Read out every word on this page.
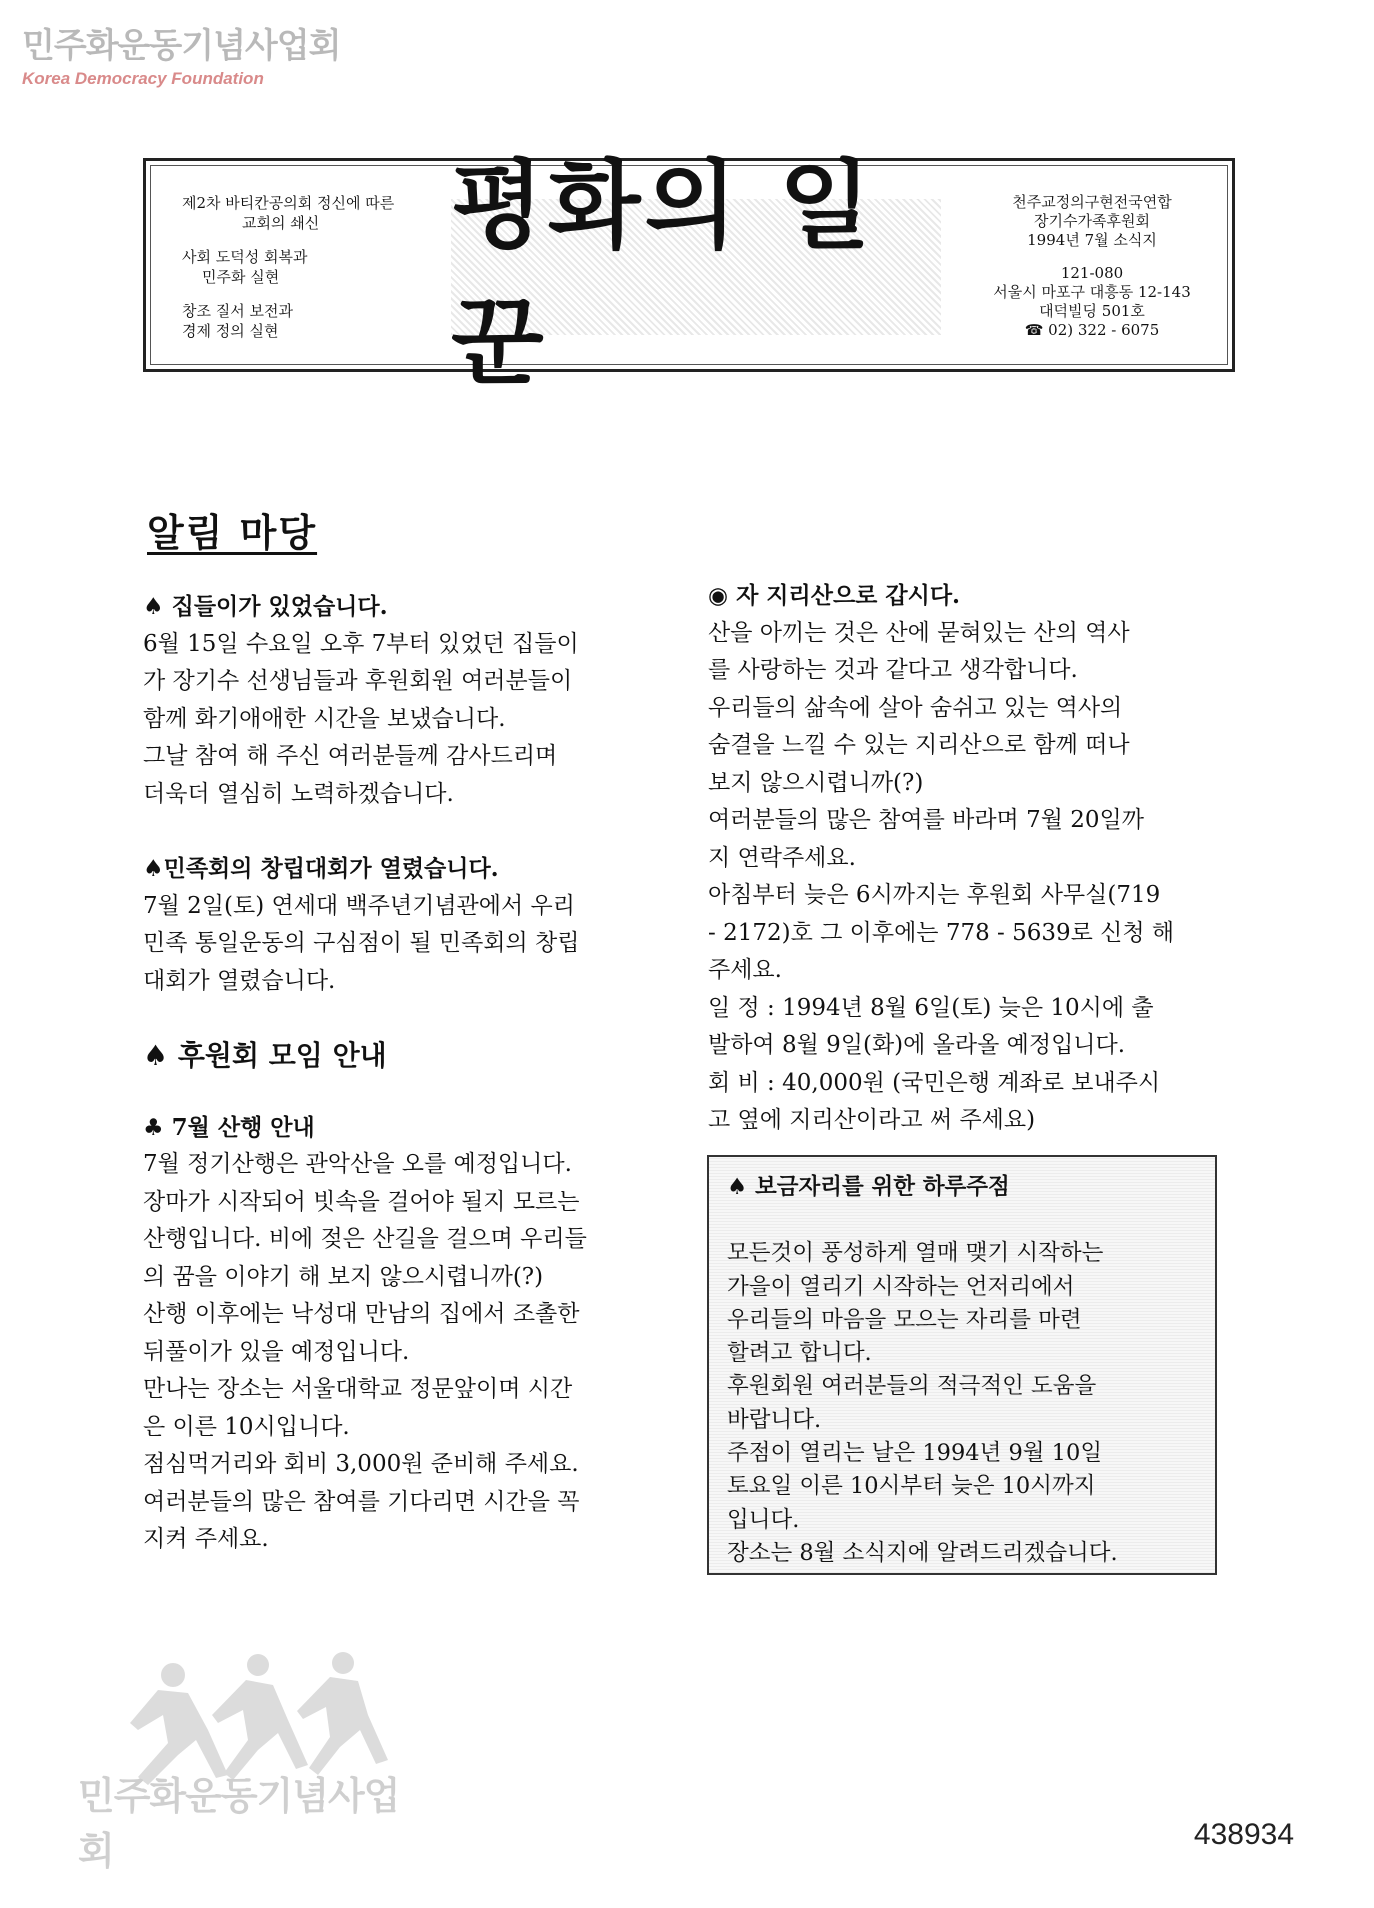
민주화운동기념사업회
Korea Democracy Foundation
제2차 바티칸공의회 정신에 따른
교회의 쇄신
사회 도덕성 회복과
민주화 실현
창조 질서 보전과
경제 정의 실현
평화의 일꾼
천주교정의구현전국연합
장기수가족후원회
1994년 7월 소식지
121-080
서울시 마포구 대흥동 12-143
대덕빌딩 501호
☎ 02) 322 - 6075
알림 마당

♠ 집들이가 있었습니다.

6월 15일 수요일 오후 7부터 있었던 집들이

가 장기수 선생님들과 후원회원 여러분들이

함께 화기애애한 시간을 보냈습니다.

그날 참여 해 주신 여러분들께 감사드리며

더욱더 열심히 노력하겠습니다.

♠민족회의 창립대회가 열렸습니다.

7월 2일(토) 연세대 백주년기념관에서 우리

민족 통일운동의 구심점이 될 민족회의 창립

대회가 열렸습니다.

♠ 후원회 모임 안내

♣ 7월 산행 안내

7월 정기산행은 관악산을 오를 예정입니다.

장마가 시작되어 빗속을 걸어야 될지 모르는

산행입니다. 비에 젖은 산길을 걸으며 우리들

의 꿈을 이야기 해 보지 않으시렵니까(?)

산행 이후에는 낙성대 만남의 집에서 조촐한

뒤풀이가 있을 예정입니다.

만나는 장소는 서울대학교 정문앞이며 시간

은 이른 10시입니다.

점심먹거리와 회비 3,000원 준비해 주세요.

여러분들의 많은 참여를 기다리면 시간을 꼭

지켜 주세요.

◉ 자 지리산으로 갑시다.

산을 아끼는 것은 산에 묻혀있는 산의 역사

를 사랑하는 것과 같다고 생각합니다.

우리들의 삶속에 살아 숨쉬고 있는 역사의

숨결을 느낄 수 있는 지리산으로 함께 떠나

보지 않으시렵니까(?)

여러분들의 많은 참여를 바라며 7월 20일까

지 연락주세요.

아침부터 늦은 6시까지는 후원회 사무실(719

- 2172)호 그 이후에는 778 - 5639로 신청 해

주세요.

일 정 : 1994년 8월 6일(토) 늦은 10시에 출

발하여 8월 9일(화)에 올라올 예정입니다.

회 비 : 40,000원 (국민은행 계좌로 보내주시

고 옆에 지리산이라고 써 주세요)

♠ 보금자리를 위한 하루주점

모든것이 풍성하게 열매 맺기 시작하는

가을이 열리기 시작하는 언저리에서

우리들의 마음을 모으는 자리를 마련

할려고 합니다.

후원회원 여러분들의 적극적인 도움을

바랍니다.

주점이 열리는 날은 1994년 9월 10일

토요일 이른 10시부터 늦은 10시까지

입니다.

장소는 8월 소식지에 알려드리겠습니다.

민주화운동기념사업회	438934
